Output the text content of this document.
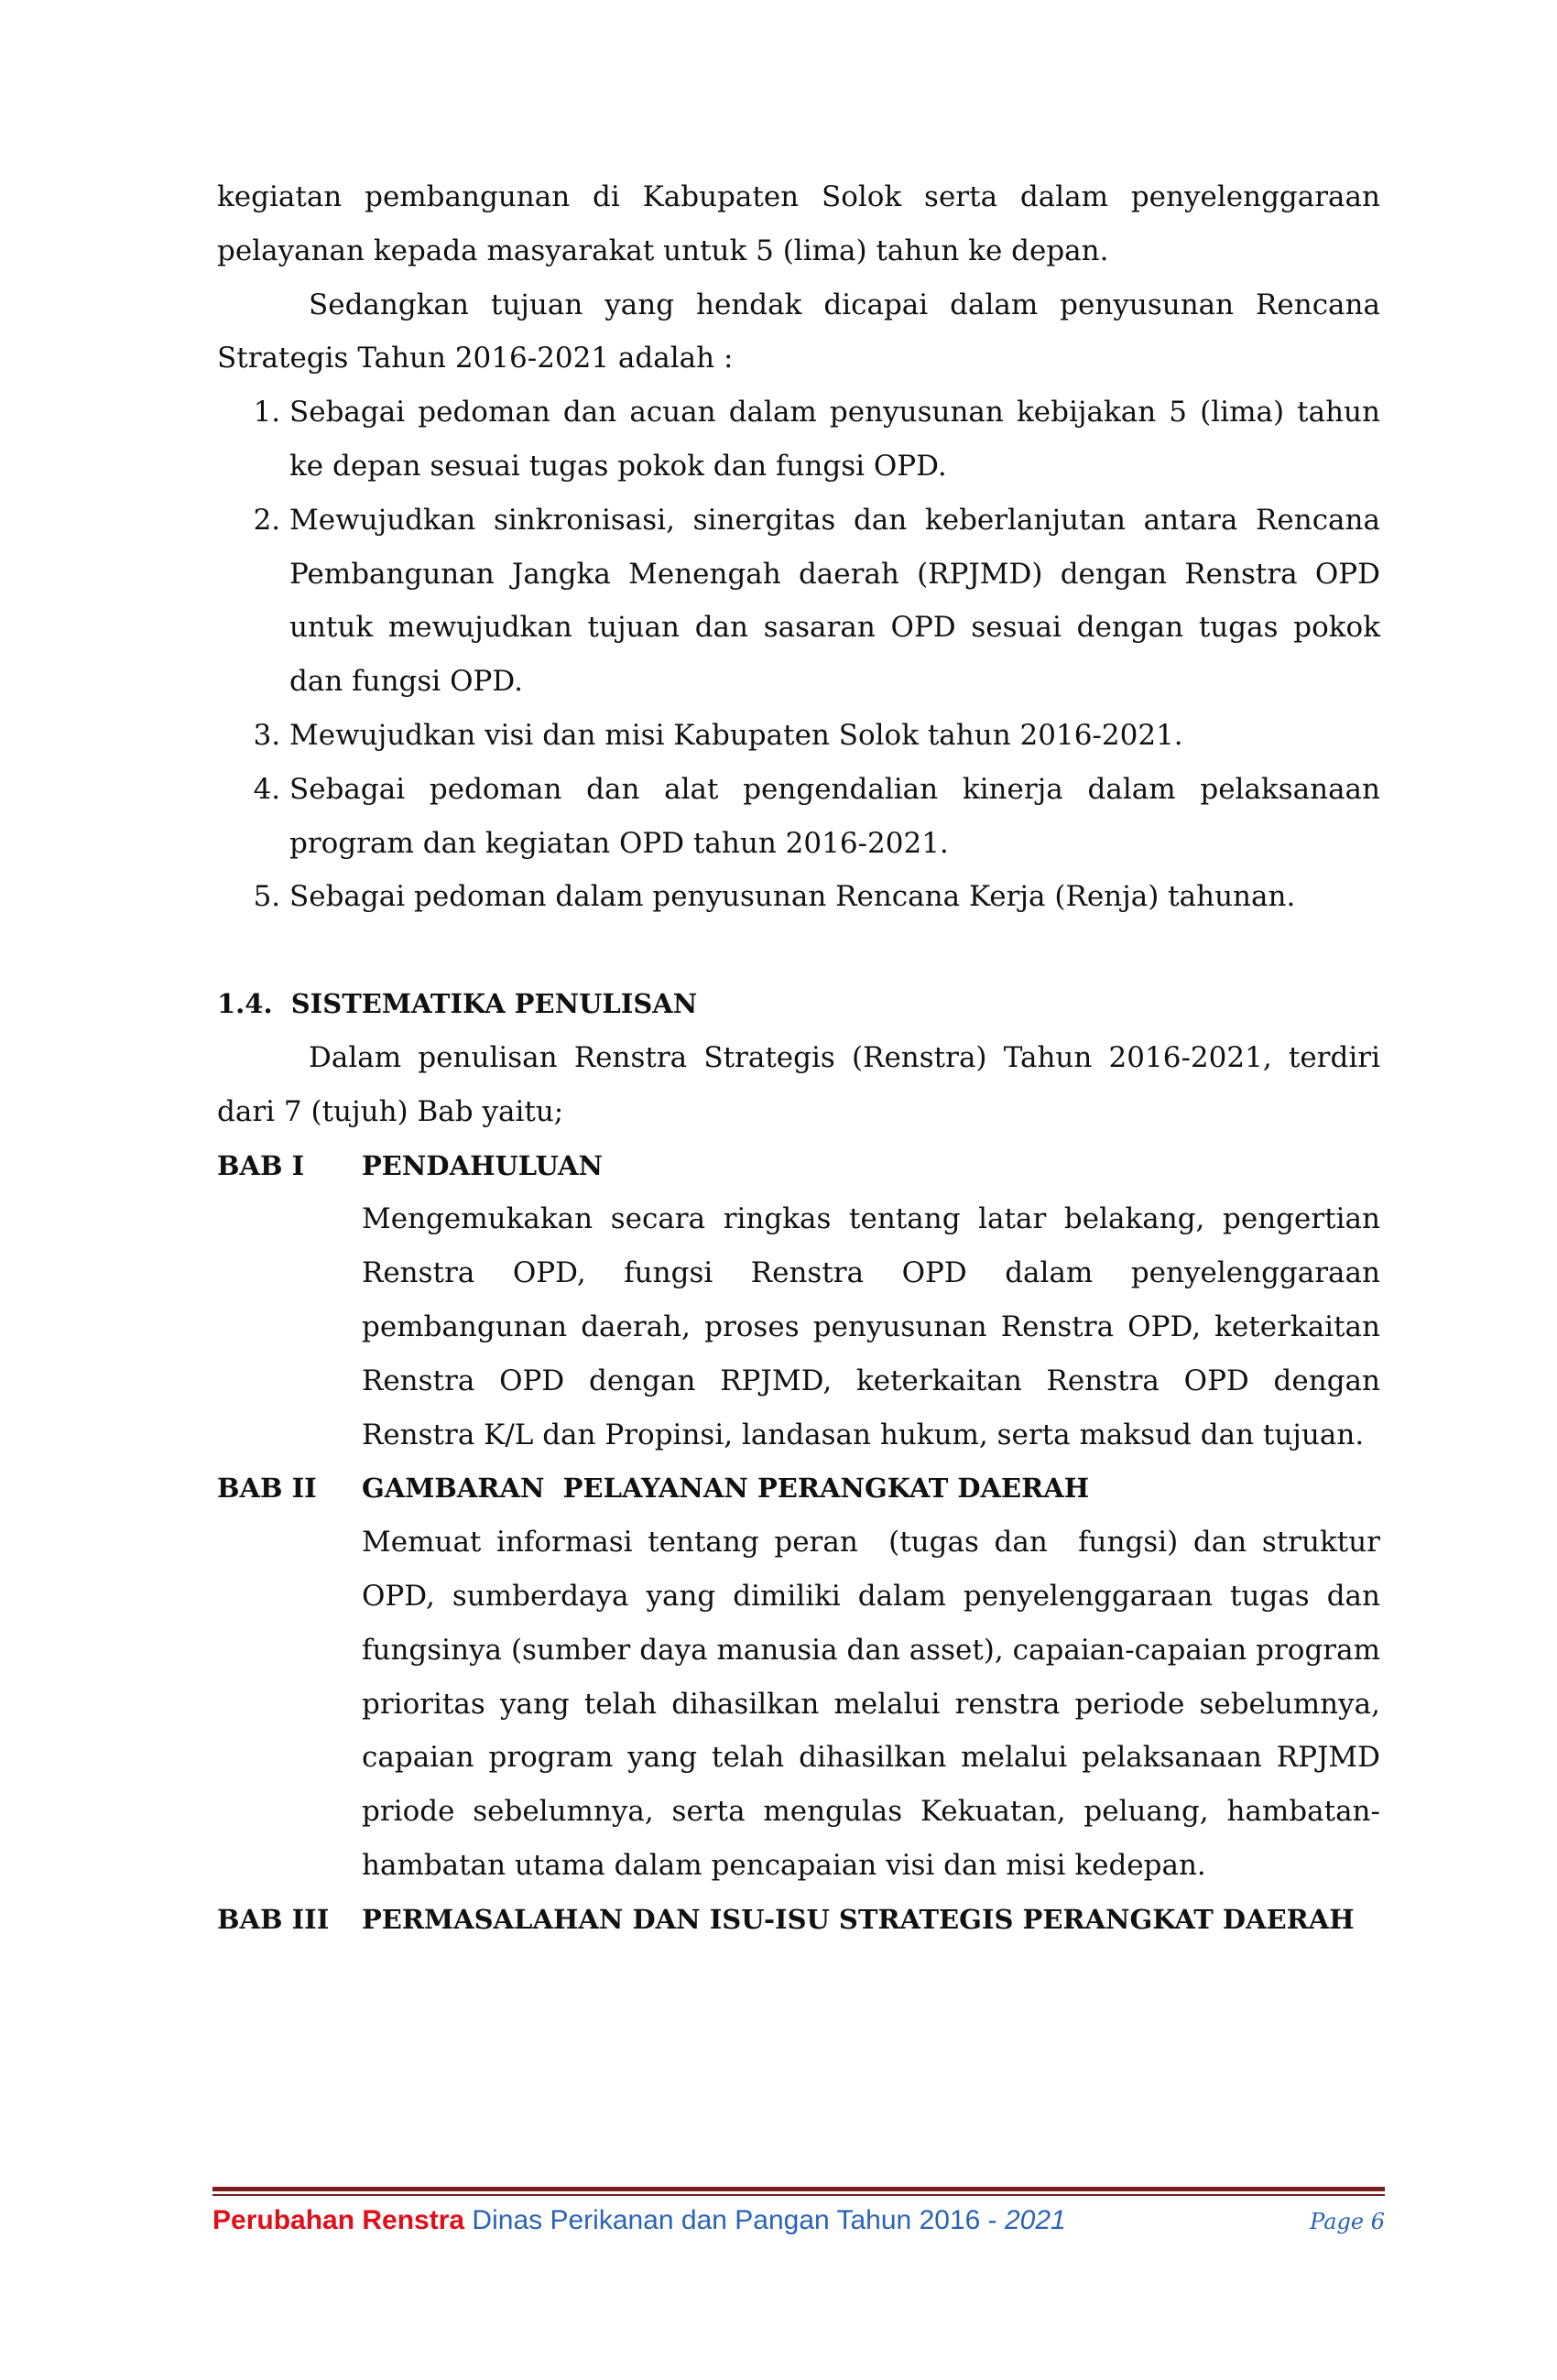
kegiatan pembangunan di Kabupaten Solok serta dalam penyelenggaraan pelayanan kepada masyarakat untuk 5 (lima) tahun ke depan.

Sedangkan tujuan yang hendak dicapai dalam penyusunan Rencana Strategis Tahun 2016-2021 adalah :

1. Sebagai pedoman dan acuan dalam penyusunan kebijakan 5 (lima) tahun ke depan sesuai tugas pokok dan fungsi OPD.
2. Mewujudkan sinkronisasi, sinergitas dan keberlanjutan antara Rencana Pembangunan Jangka Menengah daerah (RPJMD) dengan Renstra OPD untuk mewujudkan tujuan dan sasaran OPD sesuai dengan tugas pokok dan fungsi OPD.
3. Mewujudkan visi dan misi Kabupaten Solok tahun 2016-2021.
4. Sebagai pedoman dan alat pengendalian kinerja dalam pelaksanaan program dan kegiatan OPD tahun 2016-2021.
5. Sebagai pedoman dalam penyusunan Rencana Kerja (Renja) tahunan.

1.4.  SISTEMATIKA PENULISAN

Dalam penulisan Renstra Strategis (Renstra) Tahun 2016-2021, terdiri dari 7 (tujuh) Bab yaitu;

BAB I	PENDAHULUAN

Mengemukakan secara ringkas tentang latar belakang, pengertian Renstra OPD, fungsi Renstra OPD dalam penyelenggaraan pembangunan daerah, proses penyusunan Renstra OPD, keterkaitan Renstra OPD dengan RPJMD, keterkaitan Renstra OPD dengan Renstra K/L dan Propinsi, landasan hukum, serta maksud dan tujuan.

BAB II	GAMBARAN  PELAYANAN PERANGKAT DAERAH

Memuat informasi tentang peran  (tugas dan  fungsi) dan struktur OPD, sumberdaya yang dimiliki dalam penyelenggaraan tugas dan fungsinya (sumber daya manusia dan asset), capaian-capaian program prioritas yang telah dihasilkan melalui renstra periode sebelumnya, capaian program yang telah dihasilkan melalui pelaksanaan RPJMD priode sebelumnya, serta mengulas Kekuatan, peluang, hambatan-hambatan utama dalam pencapaian visi dan misi kedepan.

BAB III	PERMASALAHAN DAN ISU-ISU STRATEGIS PERANGKAT DAERAH
Perubahan Renstra Dinas Perikanan dan Pangan Tahun 2016 - 2021	Page 6
